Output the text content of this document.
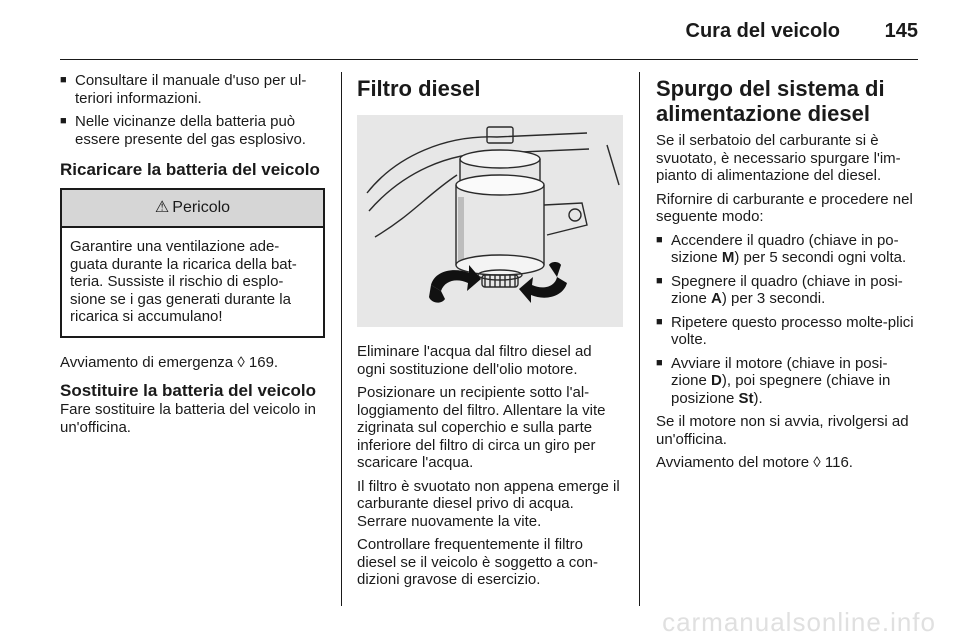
Cura del veicolo 145
■ Consultare il manuale d'uso per ul-teriori informazioni.
■ Nelle vicinanze della batteria può essere presente del gas esplosivo.
Ricaricare la batteria del veicolo
⚠ Pericolo
Garantire una ventilazione ade-guata durante la ricarica della bat-teria. Sussiste il rischio di esplo-sione se i gas generati durante la ricarica si accumulano!

Avviamento di emergenza ◊ 169.

Sostituire la batteria del veicolo

Fare sostituire la batteria del veicolo in un'officina.

Filtro diesel

Eliminare l'acqua dal filtro diesel ad ogni sostituzione dell'olio motore.

Posizionare un recipiente sotto l'al-loggiamento del filtro. Allentare la vite zigrinata sul coperchio e sulla parte inferiore del filtro di circa un giro per scaricare l'acqua.

Il filtro è svuotato non appena emerge il carburante diesel privo di acqua. Serrare nuovamente la vite.

Controllare frequentemente il filtro diesel se il veicolo è soggetto a con-dizioni gravose di esercizio.

Spurgo del sistema di alimentazione diesel

Se il serbatoio del carburante si è svuotato, è necessario spurgare l'im-pianto di alimentazione del diesel.

Rifornire di carburante e procedere nel seguente modo:

■ Accendere il quadro (chiave in po-sizione M) per 5 secondi ogni volta.
■ Spegnere il quadro (chiave in posi-zione A) per 3 secondi.
■ Ripetere questo processo molte-plici volte.
■ Avviare il motore (chiave in posi-zione D), poi spegnere (chiave in posizione St).

Se il motore non si avvia, rivolgersi ad un'officina.

Avviamento del motore ◊ 116.

carmanualsonline.info
